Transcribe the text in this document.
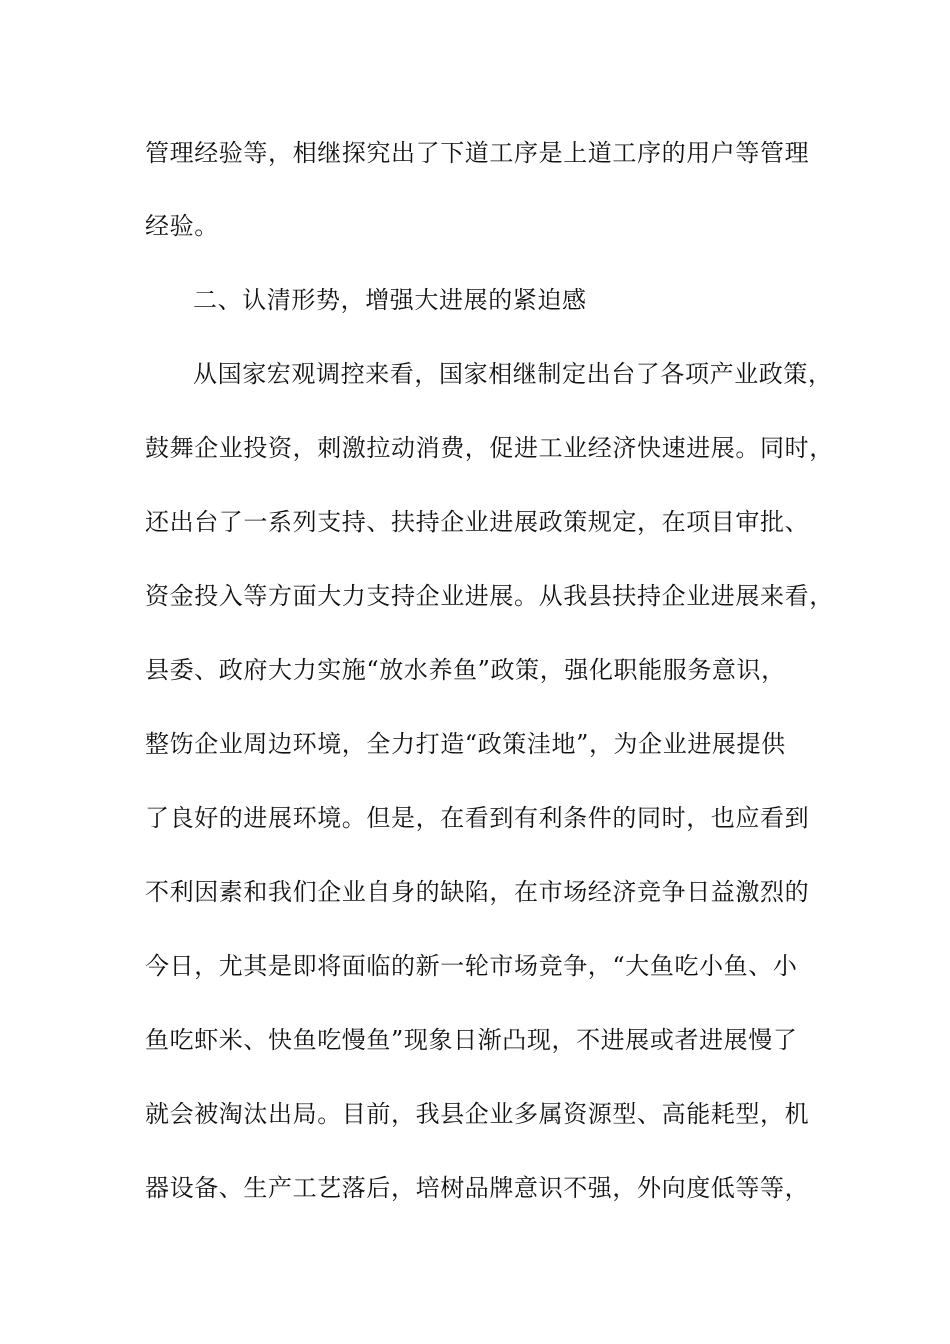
管理经验等，相继探究出了下道工序是上道工序的用户等管理
经验。
二、认清形势，增强大进展的紧迫感
从国家宏观调控来看，国家相继制定出台了各项产业政策，
鼓舞企业投资，刺激拉动消费，促进工业经济快速进展。同时，
还出台了一系列支持、扶持企业进展政策规定，在项目审批、
资金投入等方面大力支持企业进展。从我县扶持企业进展来看，
县委、政府大力实施“放水养鱼”政策，强化职能服务意识，
整饬企业周边环境，全力打造“政策洼地”，为企业进展提供
了良好的进展环境。但是，在看到有利条件的同时，也应看到
不利因素和我们企业自身的缺陷，在市场经济竞争日益激烈的
今日，尤其是即将面临的新一轮市场竞争，“大鱼吃小鱼、小
鱼吃虾米、快鱼吃慢鱼”现象日渐凸现，不进展或者进展慢了
就会被淘汰出局。目前，我县企业多属资源型、高能耗型，机
器设备、生产工艺落后，培树品牌意识不强，外向度低等等，
